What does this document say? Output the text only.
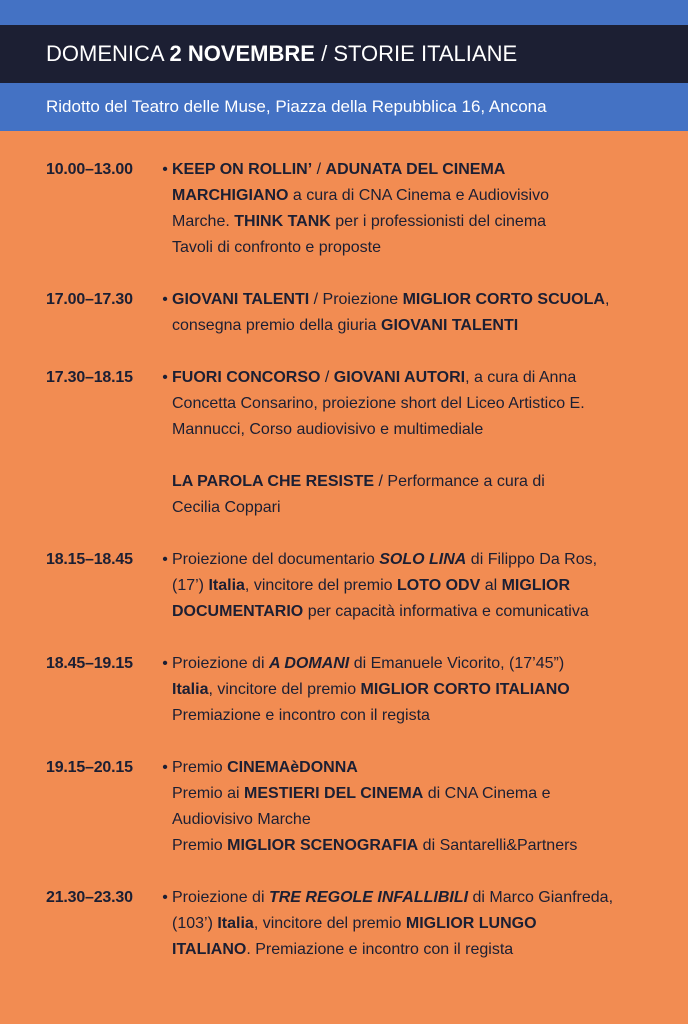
DOMENICA 2 NOVEMBRE / STORIE ITALIANE
Ridotto del Teatro delle Muse, Piazza della Repubblica 16, Ancona
10.00–13.00	• KEEP ON ROLLIN’ / ADUNATA DEL CINEMA
MARCHIGIANO a cura di CNA Cinema e Audiovisivo
Marche. THINK TANK per i professionisti del cinema
Tavoli di confronto e proposte
17.00–17.30	• GIOVANI TALENTI / Proiezione MIGLIOR CORTO SCUOLA,
consegna premio della giuria GIOVANI TALENTI
17.30–18.15	• FUORI CONCORSO / GIOVANI AUTORI, a cura di Anna
Concetta Consarino, proiezione short del Liceo Artistico E.
Mannucci, Corso audiovisivo e multimediale
LA PAROLA CHE RESISTE / Performance a cura di
Cecilia Coppari
18.15–18.45	• Proiezione del documentario SOLO LINA di Filippo Da Ros,
(17’) Italia, vincitore del premio LOTO ODV al MIGLIOR
DOCUMENTARIO per capacità informativa e comunicativa
18.45–19.15	• Proiezione di A DOMANI di Emanuele Vicorito, (17’45”)
Italia, vincitore del premio MIGLIOR CORTO ITALIANO
Premiazione e incontro con il regista
19.15–20.15	• Premio CINEMAèDONNA
Premio ai MESTIERI DEL CINEMA di CNA Cinema e
Audiovisivo Marche
Premio MIGLIOR SCENOGRAFIA di Santarelli&Partners
21.30–23.30	• Proiezione di TRE REGOLE INFALLIBILI di Marco Gianfreda,
(103’) Italia, vincitore del premio MIGLIOR LUNGO
ITALIANO. Premiazione e incontro con il regista
